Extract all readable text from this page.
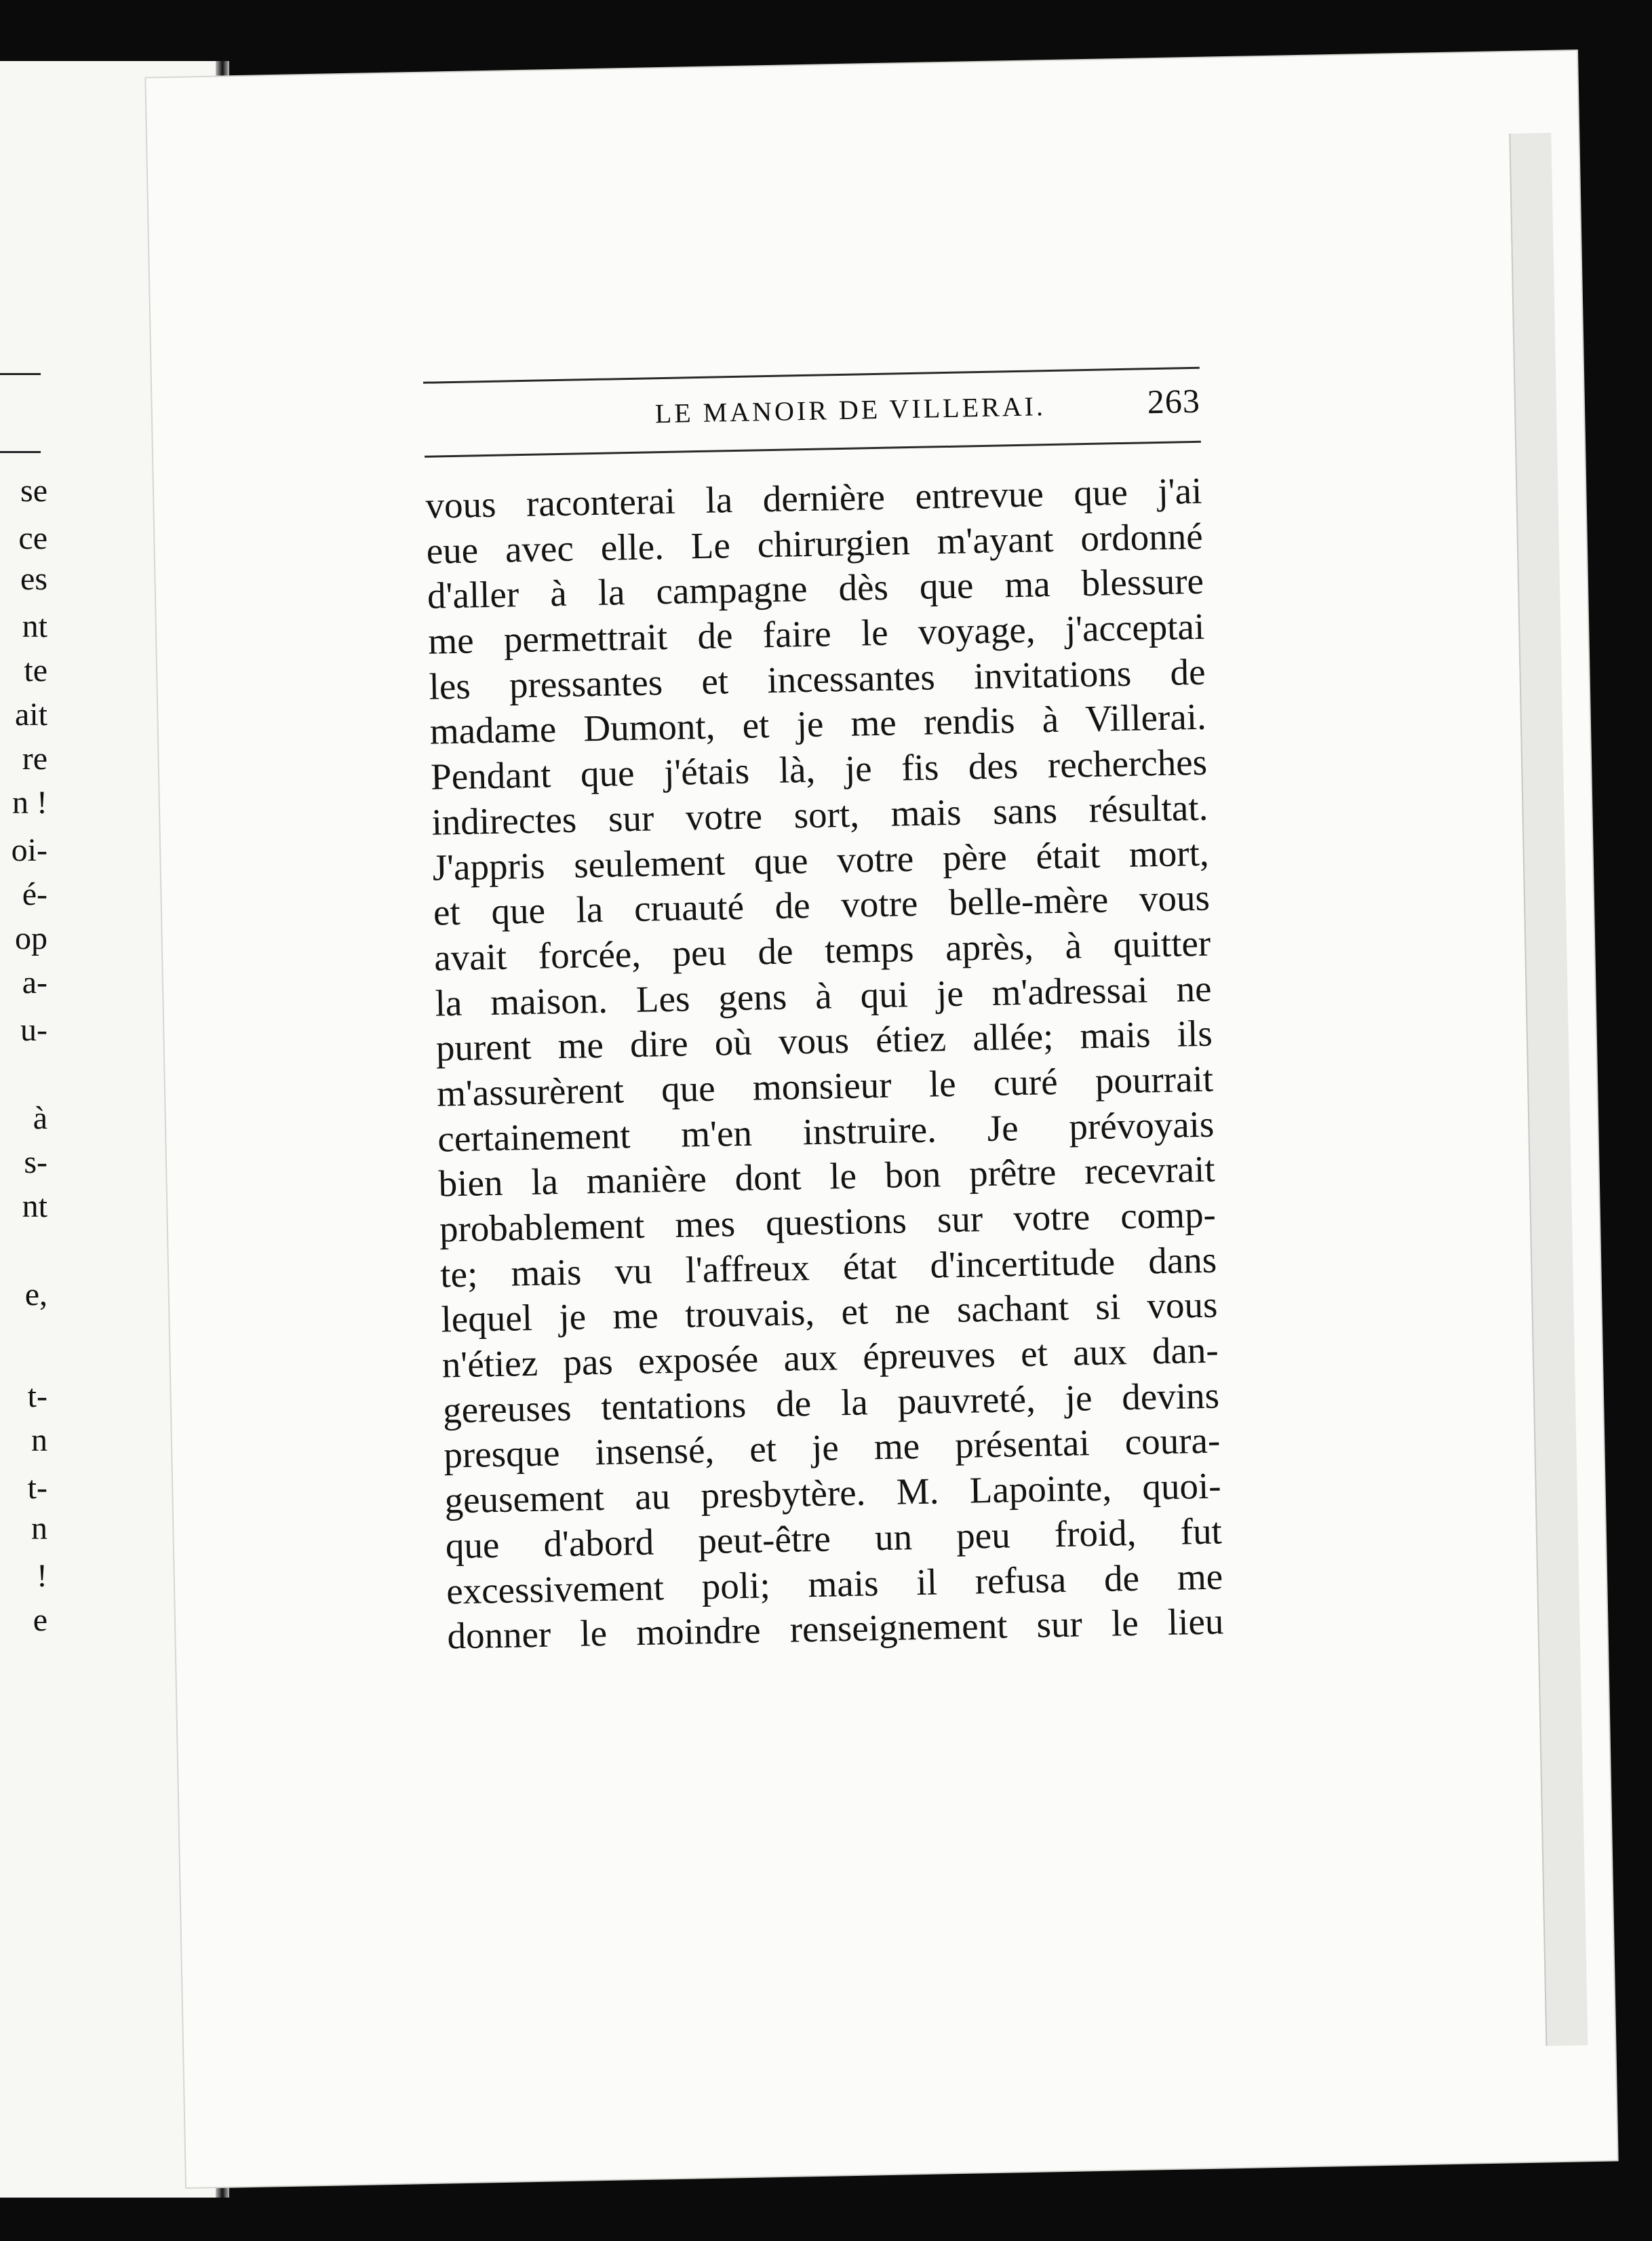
se
ce
es
nt
te
ait
re
n !
oi-
é-
op
a-
u-
à
s-
nt
e,
t-
n
t-
n
!
e
LE MANOIR DE VILLERAI.	263
vous raconterai la dernière entrevue que j'ai
eue avec elle. Le chirurgien m'ayant ordonné
d'aller à la campagne dès que ma blessure
me permettrait de faire le voyage, j'acceptai
les pressantes et incessantes invitations de
madame Dumont, et je me rendis à Villerai.
Pendant que j'étais là, je fis des recherches
indirectes sur votre sort, mais sans résultat.
J'appris seulement que votre père était mort,
et que la cruauté de votre belle-mère vous
avait forcée, peu de temps après, à quitter
la maison. Les gens à qui je m'adressai ne
purent me dire où vous étiez allée; mais ils
m'assurèrent que monsieur le curé pourrait
certainement m'en instruire. Je prévoyais
bien la manière dont le bon prêtre recevrait
probablement mes questions sur votre comp-
te; mais vu l'affreux état d'incertitude dans
lequel je me trouvais, et ne sachant si vous
n'étiez pas exposée aux épreuves et aux dan-
gereuses tentations de la pauvreté, je devins
presque insensé, et je me présentai coura-
geusement au presbytère. M. Lapointe, quoi-
que d'abord peut-être un peu froid, fut
excessivement poli; mais il refusa de me
donner le moindre renseignement sur le lieu
